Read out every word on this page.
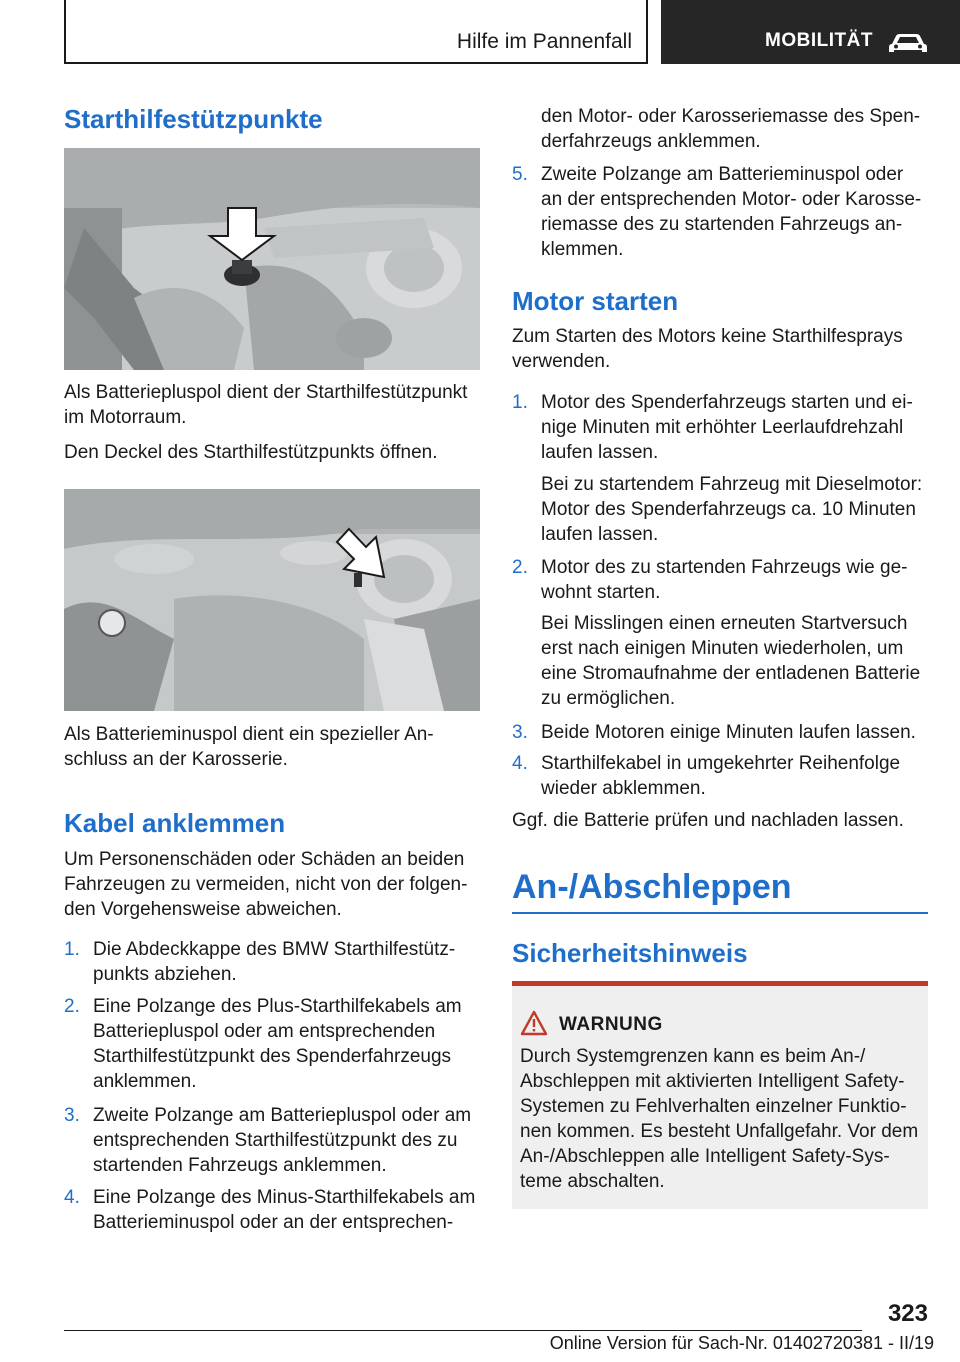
Hilfe im Pannenfall	MOBILITÄT
Starthilfestützpunkte
Als Batteriepluspol dient der Starthilfestützpunkt
im Motorraum.
Den Deckel des Starthilfestützpunkts öffnen.
Als Batterieminuspol dient ein spezieller An‐
schluss an der Karosserie.
Kabel anklemmen
Um Personenschäden oder Schäden an beiden
Fahrzeugen zu vermeiden, nicht von der folgen‐
den Vorgehensweise abweichen.
1. Die Abdeckkappe des BMW Starthilfestütz‐
punkts abziehen.
2. Eine Polzange des Plus-Starthilfekabels am
Batteriepluspol oder am entsprechenden
Starthilfestützpunkt des Spenderfahrzeugs
anklemmen.
3. Zweite Polzange am Batteriepluspol oder am
entsprechenden Starthilfestützpunkt des zu
startenden Fahrzeugs anklemmen.
4. Eine Polzange des Minus-Starthilfekabels am
Batterieminuspol oder an der entsprechen‐
den Motor- oder Karosseriemasse des Spen‐
derfahrzeugs anklemmen.
5. Zweite Polzange am Batterieminuspol oder
an der entsprechenden Motor- oder Karosse‐
riemasse des zu startenden Fahrzeugs an‐
klemmen.
Motor starten
Zum Starten des Motors keine Starthilfesprays
verwenden.
1. Motor des Spenderfahrzeugs starten und ei‐
nige Minuten mit erhöhter Leerlaufdrehzahl
laufen lassen.
Bei zu startendem Fahrzeug mit Dieselmotor:
Motor des Spenderfahrzeugs ca. 10 Minuten
laufen lassen.
2. Motor des zu startenden Fahrzeugs wie ge‐
wohnt starten.
Bei Misslingen einen erneuten Startversuch
erst nach einigen Minuten wiederholen, um
eine Stromaufnahme der entladenen Batterie
zu ermöglichen.
3. Beide Motoren einige Minuten laufen lassen.
4. Starthilfekabel in umgekehrter Reihenfolge
wieder abklemmen.
Ggf. die Batterie prüfen und nachladen lassen.
An-/Abschleppen
Sicherheitshinweis
WARNUNG
Durch Systemgrenzen kann es beim An-/
Abschleppen mit aktivierten Intelligent Safety-
Systemen zu Fehlverhalten einzelner Funktio‐
nen kommen. Es besteht Unfallgefahr. Vor dem
An-/Abschleppen alle Intelligent Safety-Sys‐
teme abschalten.
323
Online Version für Sach-Nr. 01402720381 - II/19
